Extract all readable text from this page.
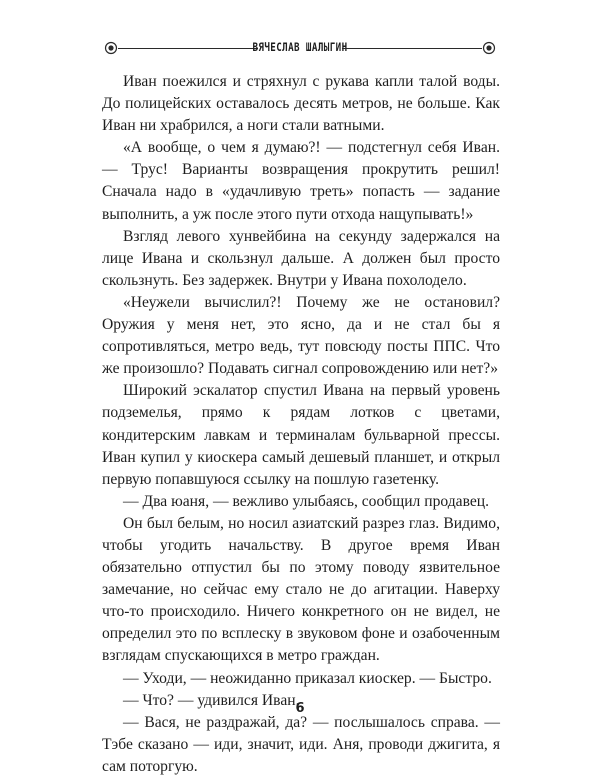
ВЯЧЕСЛАВ ШАЛЫГИН

Иван поежился и стряхнул с рукава капли талой воды. До полицейских оставалось десять метров, не больше. Как Иван ни храбрился, а ноги стали ватными.

«А вообще, о чем я думаю?! — подстегнул себя Иван. — Трус! Варианты возвращения прокрутить решил! Сначала надо в «удачливую треть» попасть — задание выполнить, а уж после этого пути отхода нащупывать!»

Взгляд левого хунвейбина на секунду задержался на лице Ивана и скользнул дальше. А должен был просто скользнуть. Без задержек. Внутри у Ивана похолодело.

«Неужели вычислил?! Почему же не остановил? Оружия у меня нет, это ясно, да и не стал бы я сопротивляться, метро ведь, тут повсюду посты ППС. Что же произошло? Подавать сигнал сопровождению или нет?»

Широкий эскалатор спустил Ивана на первый уровень подземелья, прямо к рядам лотков с цветами, кондитерским лавкам и терминалам бульварной прессы. Иван купил у киоскера самый дешевый планшет, и открыл первую попавшуюся ссылку на пошлую газетенку.

— Два юаня, — вежливо улыбаясь, сообщил продавец.

Он был белым, но носил азиатский разрез глаз. Видимо, чтобы угодить начальству. В другое время Иван обязательно отпустил бы по этому поводу язвительное замечание, но сейчас ему стало не до агитации. Наверху что-то происходило. Ничего конкретного он не видел, не определил это по всплеску в звуковом фоне и озабоченным взглядам спускающихся в метро граждан.

— Уходи, — неожиданно приказал киоскер. — Быстро.

— Что? — удивился Иван.

— Вася, не раздражай, да? — послышалось справа. — Тэбе сказано — иди, значит, иди. Аня, проводи джигита, я сам поторгую.

6
